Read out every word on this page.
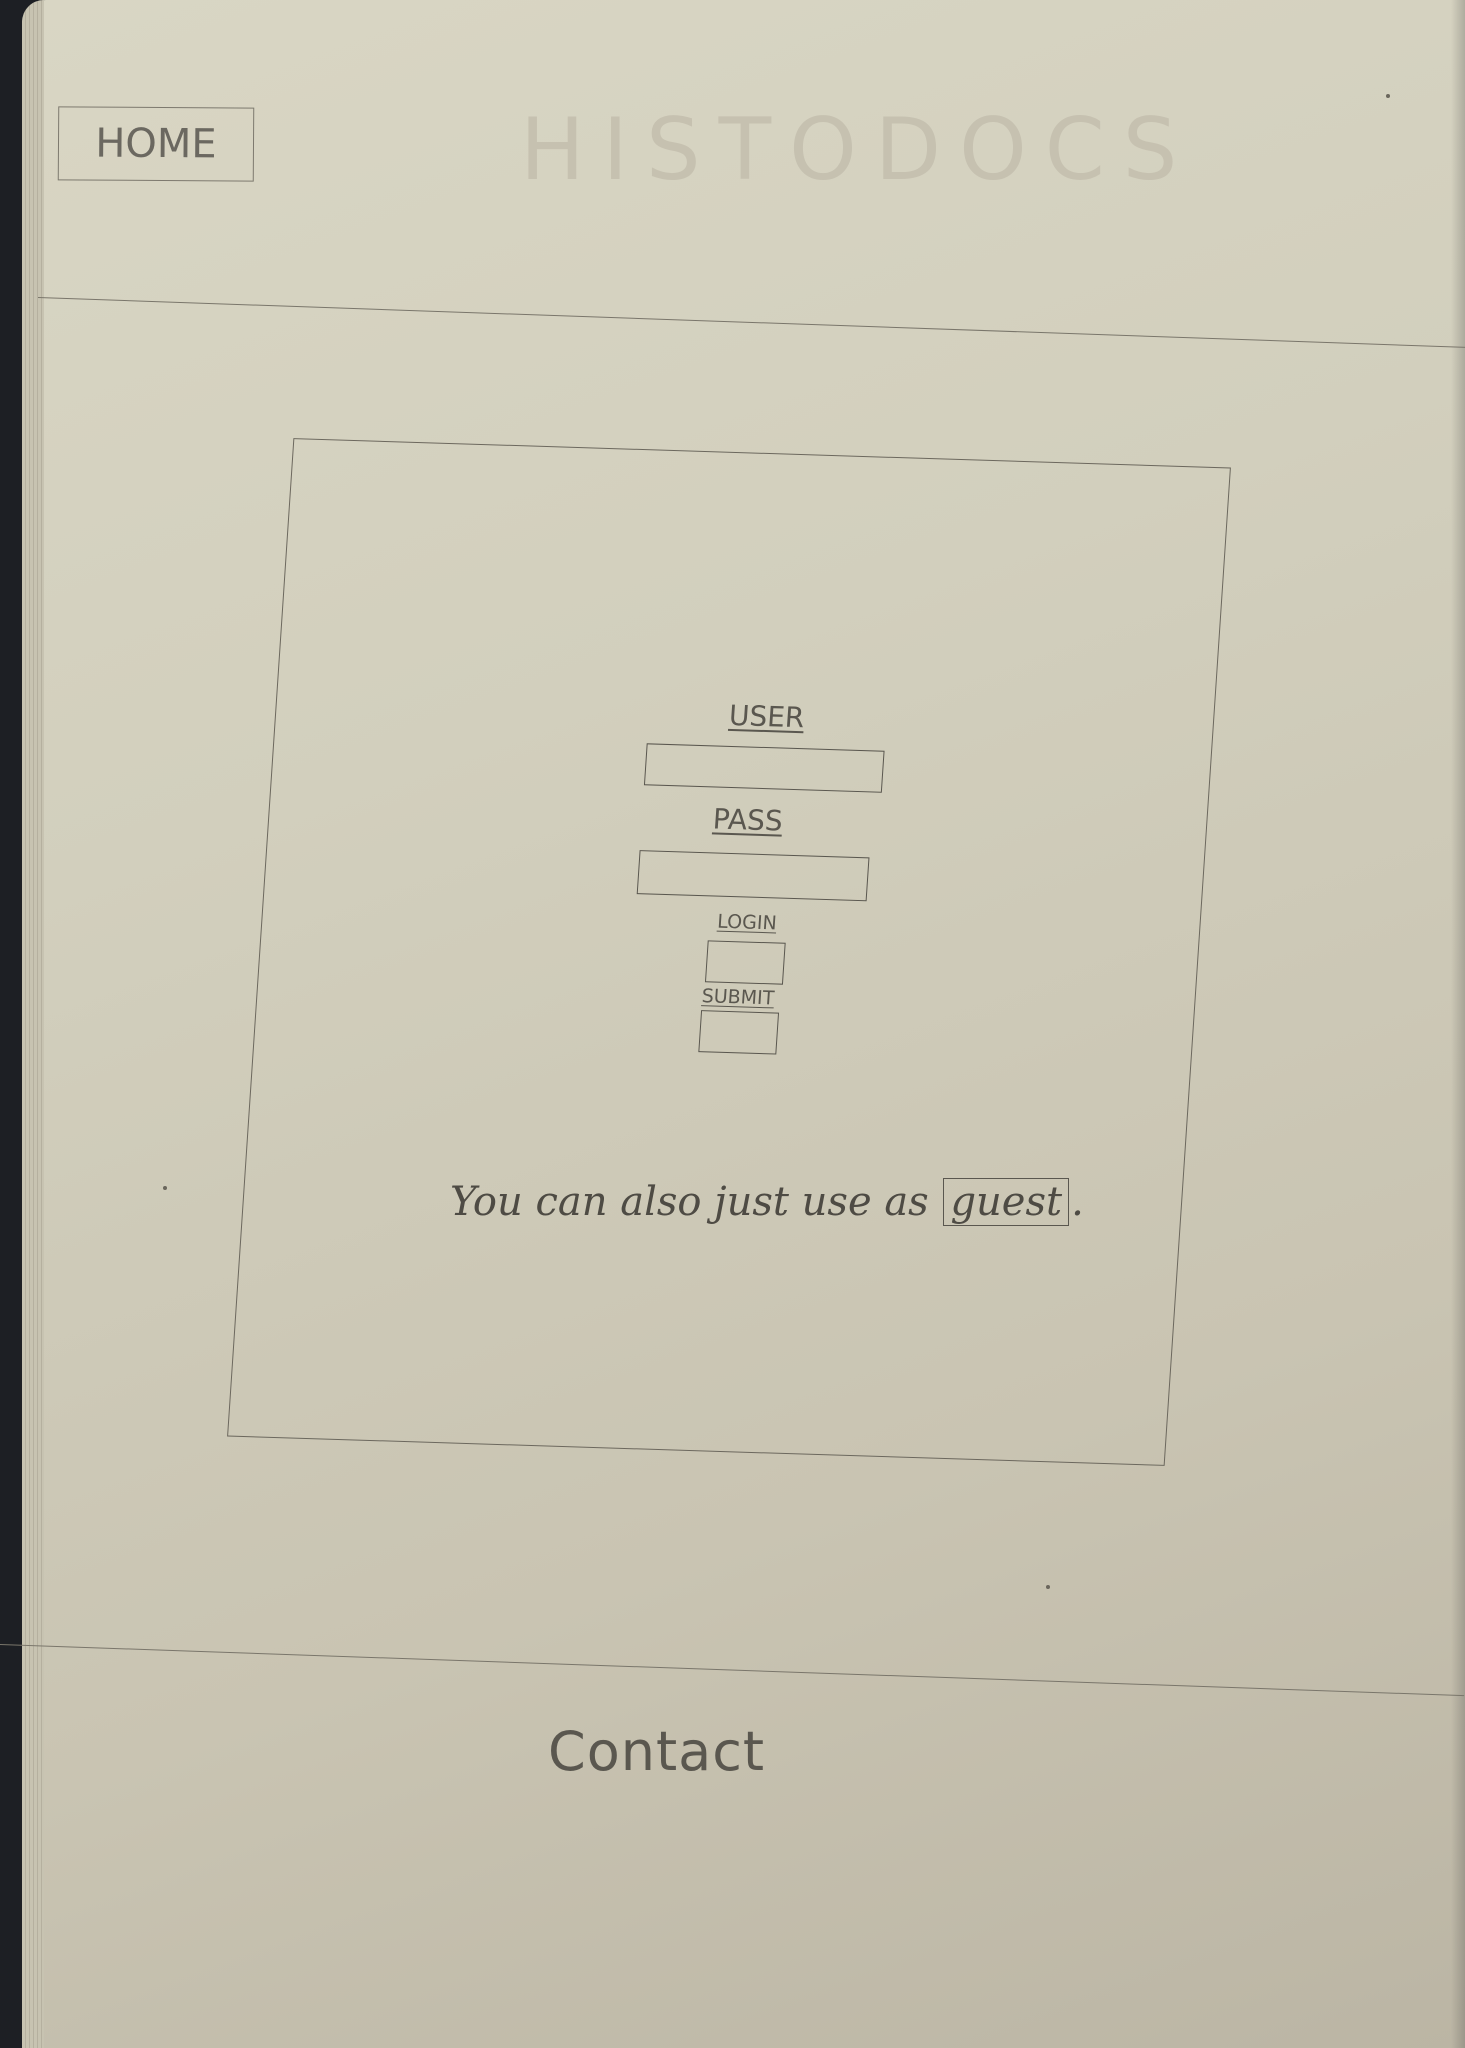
HOME	HISTODOCS
USER
PASS
LOGIN
SUBMIT
You can also just use as guest .
Contact
